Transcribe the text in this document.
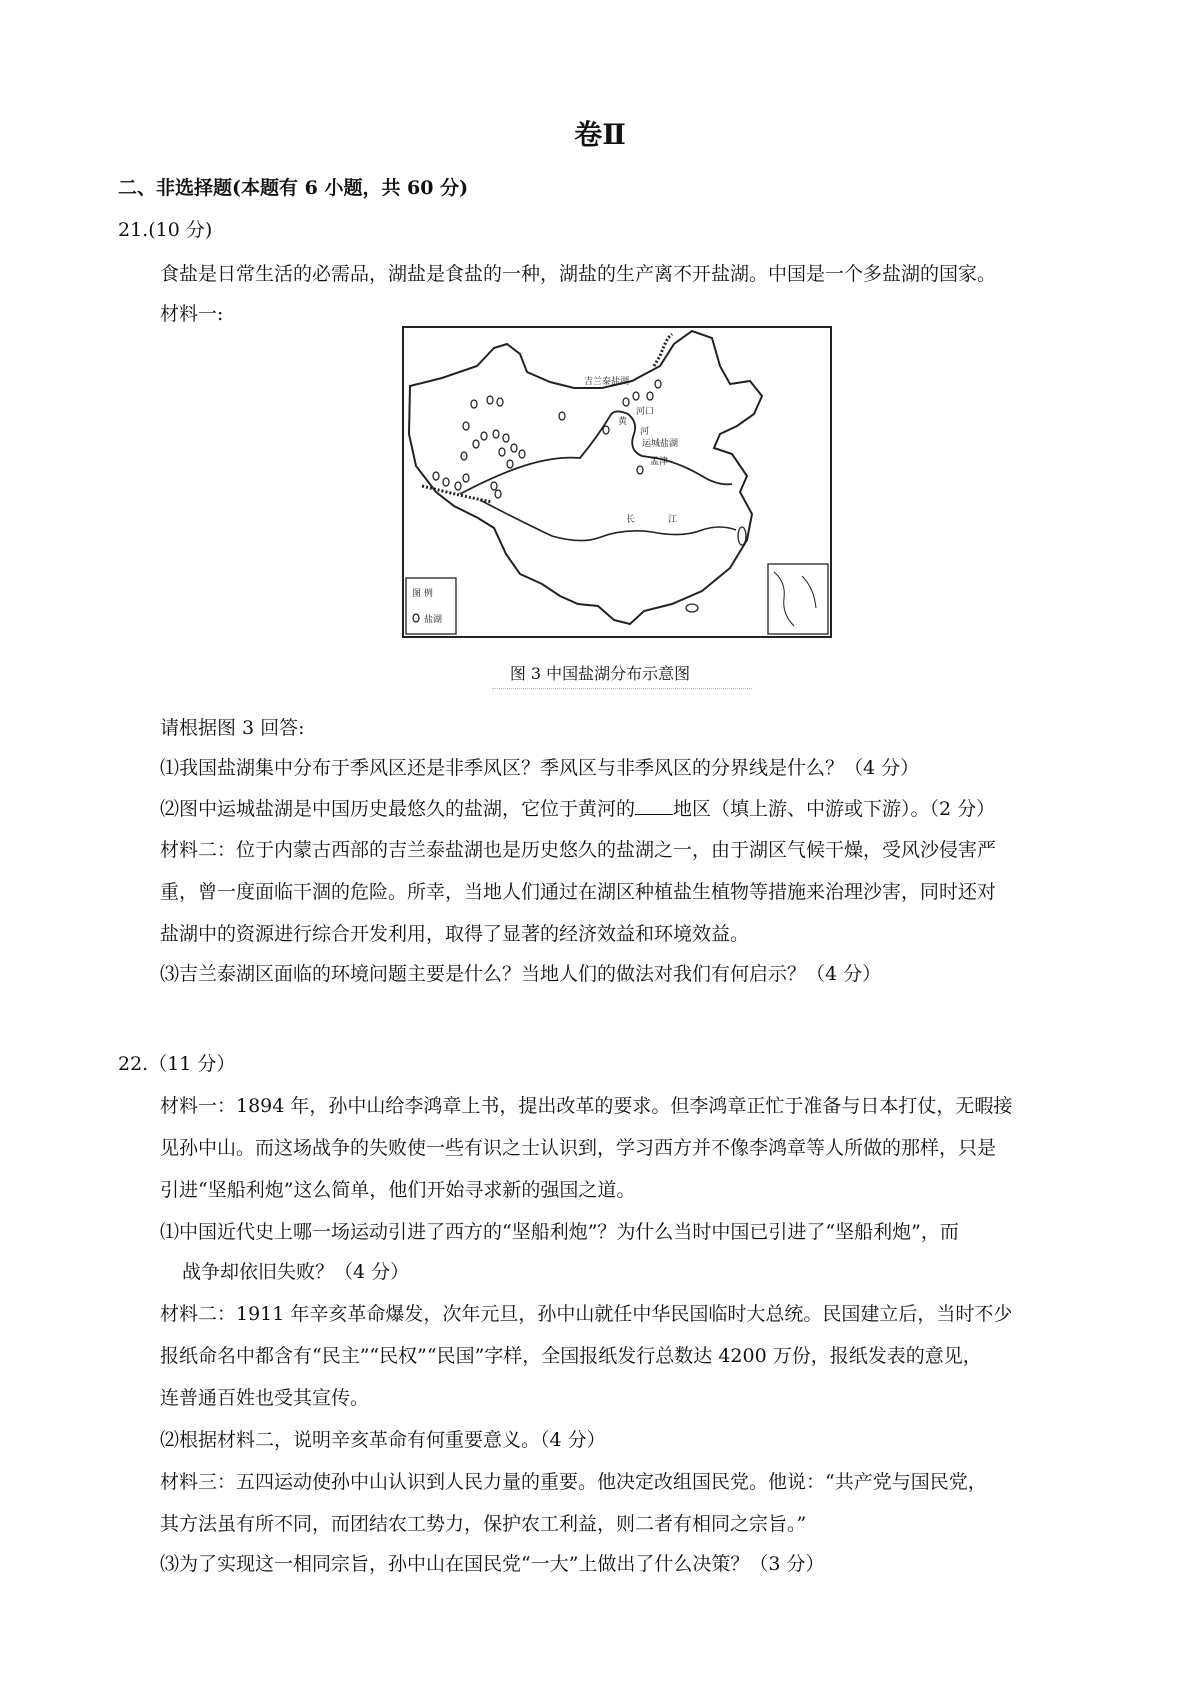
卷Ⅱ
二、非选择题(本题有 6 小题，共 60 分)
21.(10 分)
食盐是日常生活的必需品，湖盐是食盐的一种，湖盐的生产离不开盐湖。中国是一个多盐湖的国家。
材料一:
吉兰泰盐湖
河口
黄
河
运城盐湖
孟津
长	江
图 例
盐湖
图 3 中国盐湖分布示意图
请根据图 3 回答:
⑴我国盐湖集中分布于季风区还是非季风区？季风区与非季风区的分界线是什么？（4 分）
⑵图中运城盐湖是中国历史最悠久的盐湖，它位于黄河的 地区（填上游、中游或下游）。（2 分）
材料二：位于内蒙古西部的吉兰泰盐湖也是历史悠久的盐湖之一，由于湖区气候干燥，受风沙侵害严
重，曾一度面临干涸的危险。所幸，当地人们通过在湖区种植盐生植物等措施来治理沙害，同时还对
盐湖中的资源进行综合开发利用，取得了显著的经济效益和环境效益。
⑶吉兰泰湖区面临的环境问题主要是什么？当地人们的做法对我们有何启示？（4 分）
22.（11 分）
材料一：1894 年，孙中山给李鸿章上书，提出改革的要求。但李鸿章正忙于准备与日本打仗，无暇接
见孙中山。而这场战争的失败使一些有识之士认识到，学习西方并不像李鸿章等人所做的那样，只是
引进“坚船利炮”这么简单，他们开始寻求新的强国之道。
⑴中国近代史上哪一场运动引进了西方的“坚船利炮”？为什么当时中国已引进了“坚船利炮”，而
战争却依旧失败？（4 分）
材料二：1911 年辛亥革命爆发，次年元旦，孙中山就任中华民国临时大总统。民国建立后，当时不少
报纸命名中都含有“民主”“民权”“民国”字样，全国报纸发行总数达 4200 万份，报纸发表的意见，
连普通百姓也受其宣传。
⑵根据材料二，说明辛亥革命有何重要意义。（4 分）
材料三：五四运动使孙中山认识到人民力量的重要。他决定改组国民党。他说：“共产党与国民党，
其方法虽有所不同，而团结农工势力，保护农工利益，则二者有相同之宗旨。”
⑶为了实现这一相同宗旨，孙中山在国民党“一大”上做出了什么决策？（3 分）
